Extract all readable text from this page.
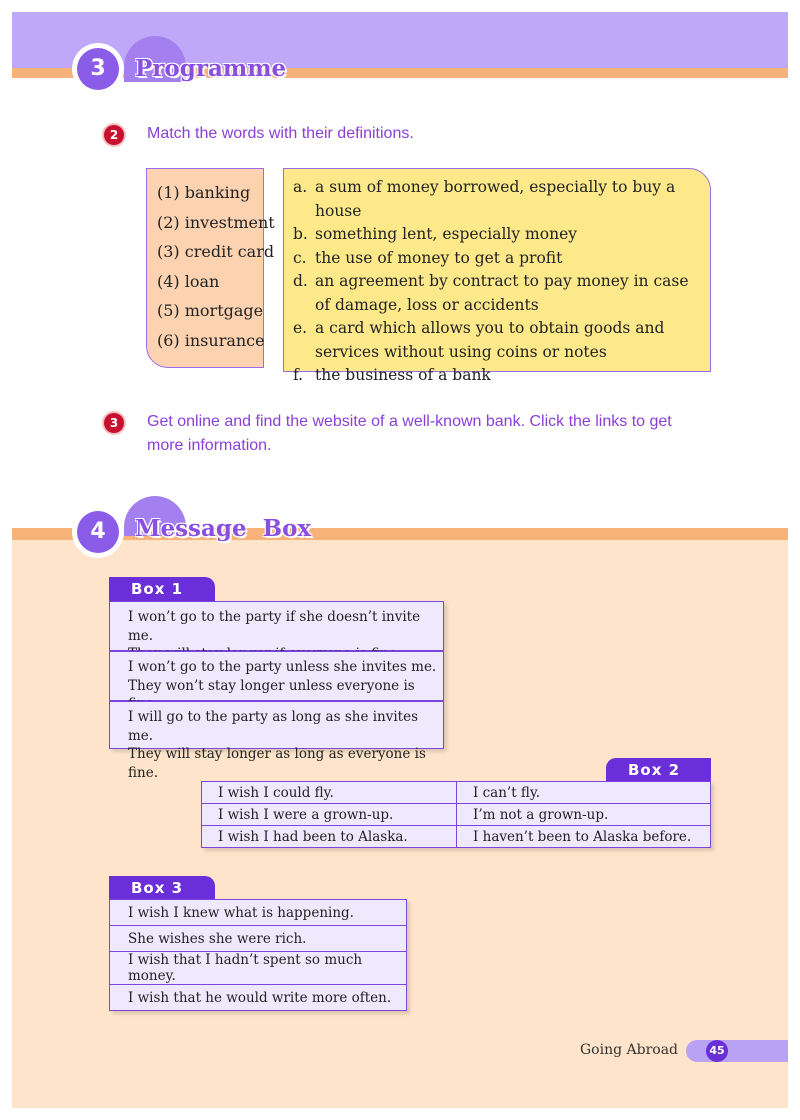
3	Programme
2	Match the words with their definitions.
(1) banking
(2) investment
(3) credit card
(4) loan
(5) mortgage
(6) insurance
a. a sum of money borrowed, especially to buy a house
b. something lent, especially money
c. the use of money to get a profit
d. an agreement by contract to pay money in case of damage, loss or accidents
e. a card which allows you to obtain goods and services without using coins or notes
f. the business of a bank
3	Get online and find the website of a well-known bank. Click the links to get more information.
4	Message  Box
Box 1
I won’t go to the party if she doesn’t invite me.
I won’t go to the party unless she invites me.
They won’t stay longer unless everyone is
I will go to the party as long as she invites me.
They will stay longer as long as everyone is fine.	Box 2
I wish I could fly.	I can’t fly.
I wish I were a grown-up.	I’m not a grown-up.
I wish I had been to Alaska.	I haven’t been to Alaska before.
Box 3
I wish I knew what is happening.
She wishes she were rich.
I wish that I hadn’t spent so much money.
I wish that he would write more often.
Going Abroad	45
